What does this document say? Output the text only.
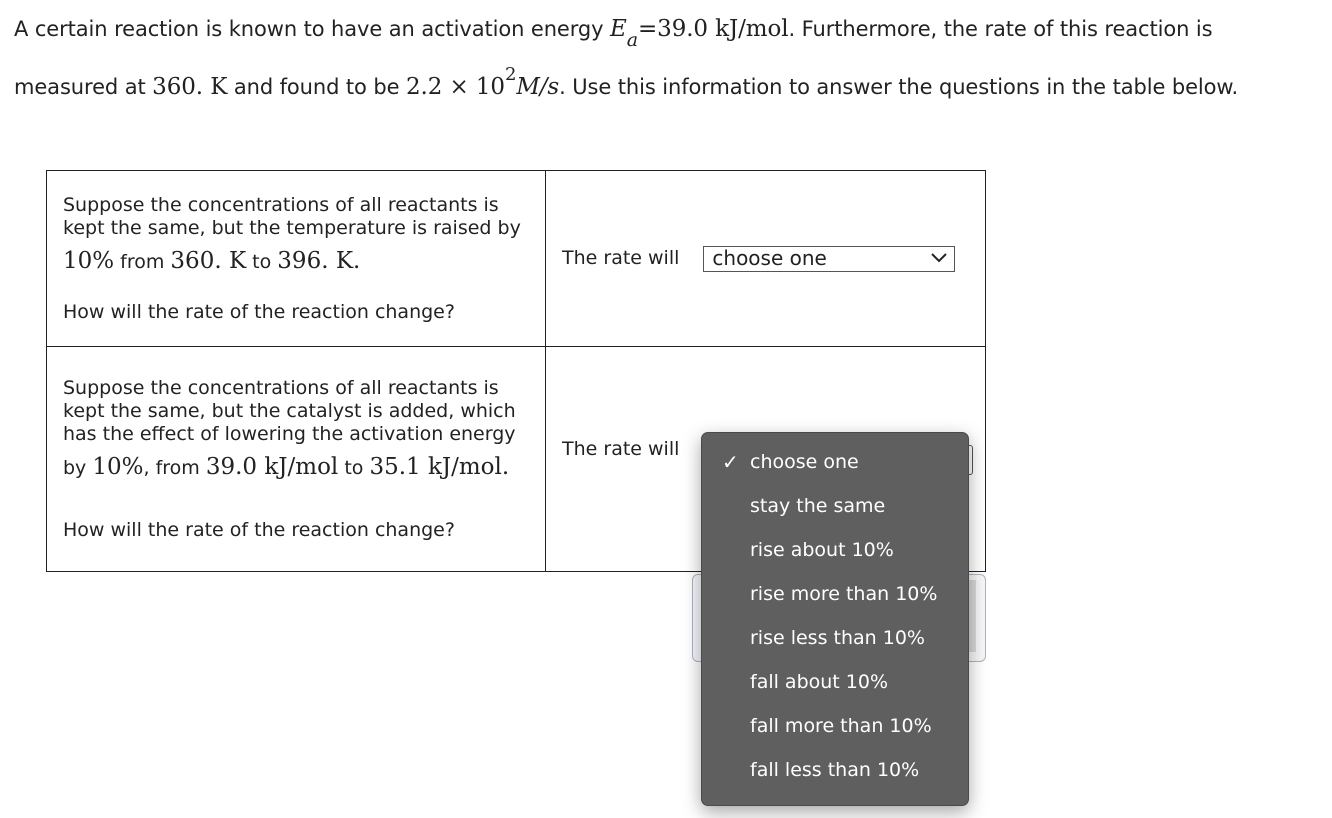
A certain reaction is known to have an activation energy Ea=39.0 kJ/mol. Furthermore, the rate of this reaction is
measured at 360. K and found to be 2.2 × 102M/s. Use this information to answer the questions in the table below.
Suppose the concentrations of all reactants is kept the same, but the temperature is raised by
10% from 360. K to 396. K.
How will the rate of the reaction change?	The rate will choose one

Suppose the concentrations of all reactants is kept the same, but the catalyst is added, which has the effect of lowering the activation energy
by 10%, from 39.0 kJ/mol to 35.1 kJ/mol.
How will the rate of the reaction change?	The rate will
✓ choose one
stay the same
rise about 10%
rise more than 10%
rise less than 10%
fall about 10%
fall more than 10%
fall less than 10%
